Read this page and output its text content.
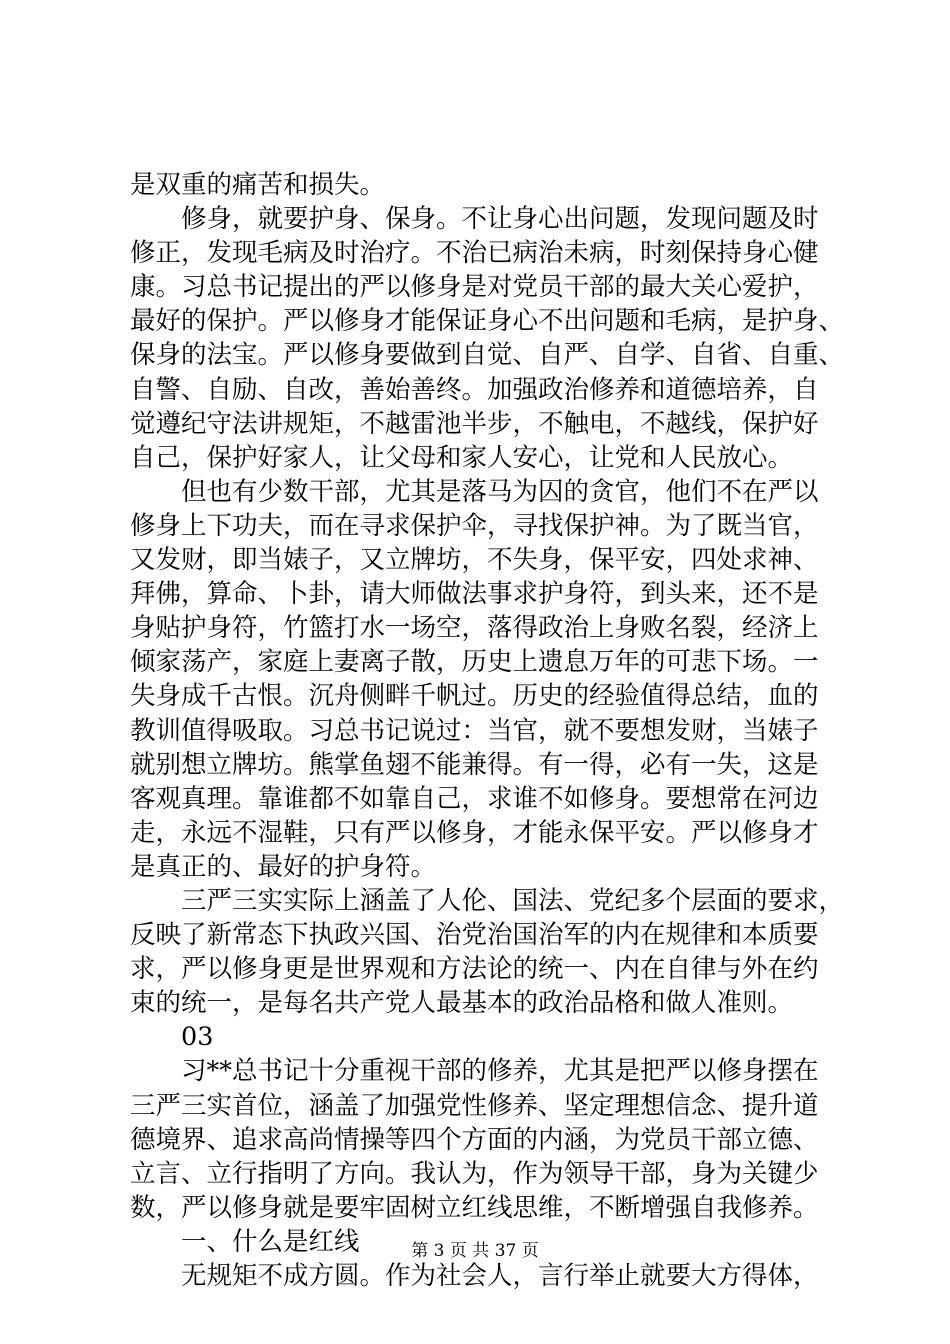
是双重的痛苦和损失。
修身，就要护身、保身。不让身心出问题，发现问题及时
修正，发现毛病及时治疗。不治已病治未病，时刻保持身心健
康。习总书记提出的严以修身是对党员干部的最大关心爱护，
最好的保护。严以修身才能保证身心不出问题和毛病，是护身、
保身的法宝。严以修身要做到自觉、自严、自学、自省、自重、
自警、自励、自改，善始善终。加强政治修养和道德培养，自
觉遵纪守法讲规矩，不越雷池半步，不触电，不越线，保护好
自己，保护好家人，让父母和家人安心，让党和人民放心。
但也有少数干部，尤其是落马为囚的贪官，他们不在严以
修身上下功夫，而在寻求保护伞，寻找保护神。为了既当官，
又发财，即当婊子，又立牌坊，不失身，保平安，四处求神、
拜佛，算命、卜卦，请大师做法事求护身符，到头来，还不是
身贴护身符，竹篮打水一场空，落得政治上身败名裂，经济上
倾家荡产，家庭上妻离子散，历史上遗息万年的可悲下场。一
失身成千古恨。沉舟侧畔千帆过。历史的经验值得总结，血的
教训值得吸取。习总书记说过：当官，就不要想发财，当婊子
就别想立牌坊。熊掌鱼翅不能兼得。有一得，必有一失，这是
客观真理。靠谁都不如靠自己，求谁不如修身。要想常在河边
走，永远不湿鞋，只有严以修身，才能永保平安。严以修身才
是真正的、最好的护身符。
三严三实实际上涵盖了人伦、国法、党纪多个层面的要求，
反映了新常态下执政兴国、治党治国治军的内在规律和本质要
求，严以修身更是世界观和方法论的统一、内在自律与外在约
束的统一，是每名共产党人最基本的政治品格和做人准则。
03
习**总书记十分重视干部的修养，尤其是把严以修身摆在
三严三实首位，涵盖了加强党性修养、坚定理想信念、提升道
德境界、追求高尚情操等四个方面的内涵，为党员干部立德、
立言、立行指明了方向。我认为，作为领导干部，身为关键少
数，严以修身就是要牢固树立红线思维，不断增强自我修养。
一、什么是红线
无规矩不成方圆。作为社会人，言行举止就要大方得体，
第 3 页 共 37 页
